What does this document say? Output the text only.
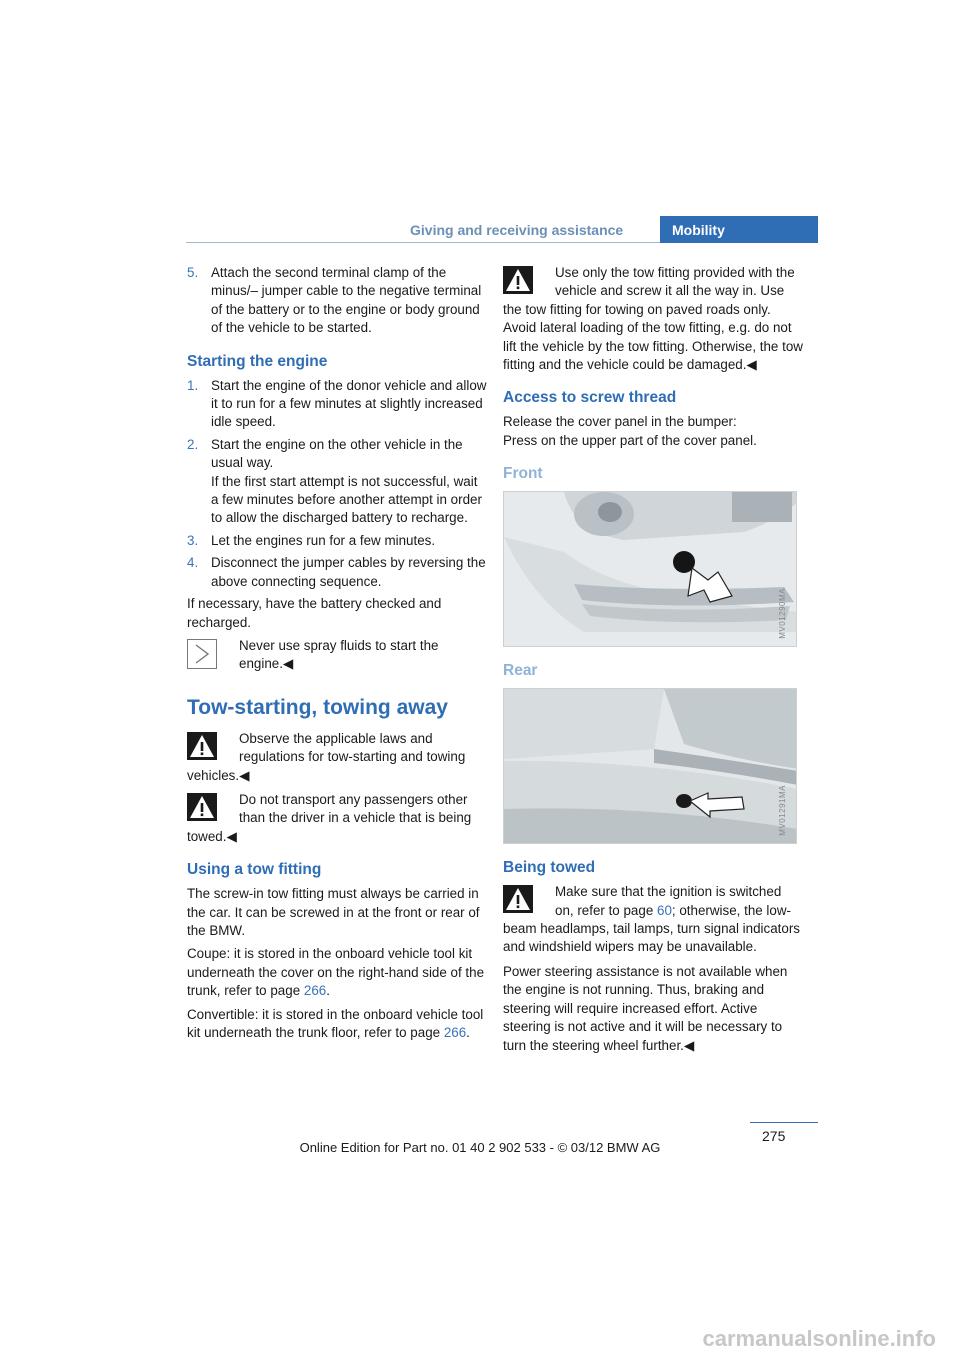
Giving and receiving assistance	Mobility
5. Attach the second terminal clamp of the minus/– jumper cable to the negative terminal of the battery or to the engine or body ground of the vehicle to be started.
Starting the engine
1. Start the engine of the donor vehicle and allow it to run for a few minutes at slightly increased idle speed.
2. Start the engine on the other vehicle in the usual way.
If the first start attempt is not successful, wait a few minutes before another attempt in order to allow the discharged battery to recharge.
3. Let the engines run for a few minutes.
4. Disconnect the jumper cables by reversing the above connecting sequence.

If necessary, have the battery checked and recharged.

Never use spray fluids to start the engine.◀
Tow-starting, towing away
Observe the applicable laws and regulations for tow-starting and towing vehicles.◀
Do not transport any passengers other than the driver in a vehicle that is being towed.◀
Using a tow fitting

The screw-in tow fitting must always be carried in the car. It can be screwed in at the front or rear of the BMW.

Coupe: it is stored in the onboard vehicle tool kit underneath the cover on the right-hand side of the trunk, refer to page 266.

Convertible: it is stored in the onboard vehicle tool kit underneath the trunk floor, refer to page 266.

Use only the tow fitting provided with the vehicle and screw it all the way in. Use the tow fitting for towing on paved roads only. Avoid lateral loading of the tow fitting, e.g. do not lift the vehicle by the tow fitting. Otherwise, the tow fitting and the vehicle could be damaged.◀
Access to screw thread

Release the cover panel in the bumper:

Press on the upper part of the cover panel.

Front
MV01290MA
Rear
MV01291MA
Being towed
Make sure that the ignition is switched on, refer to page 60; otherwise, the low-beam headlamps, tail lamps, turn signal indicators and windshield wipers may be unavailable.

Power steering assistance is not available when the engine is not running. Thus, braking and steering will require increased effort. Active steering is not active and it will be necessary to turn the steering wheel further.◀

275
Online Edition for Part no. 01 40 2 902 533 - © 03/12 BMW AG
carmanualsonline.info
